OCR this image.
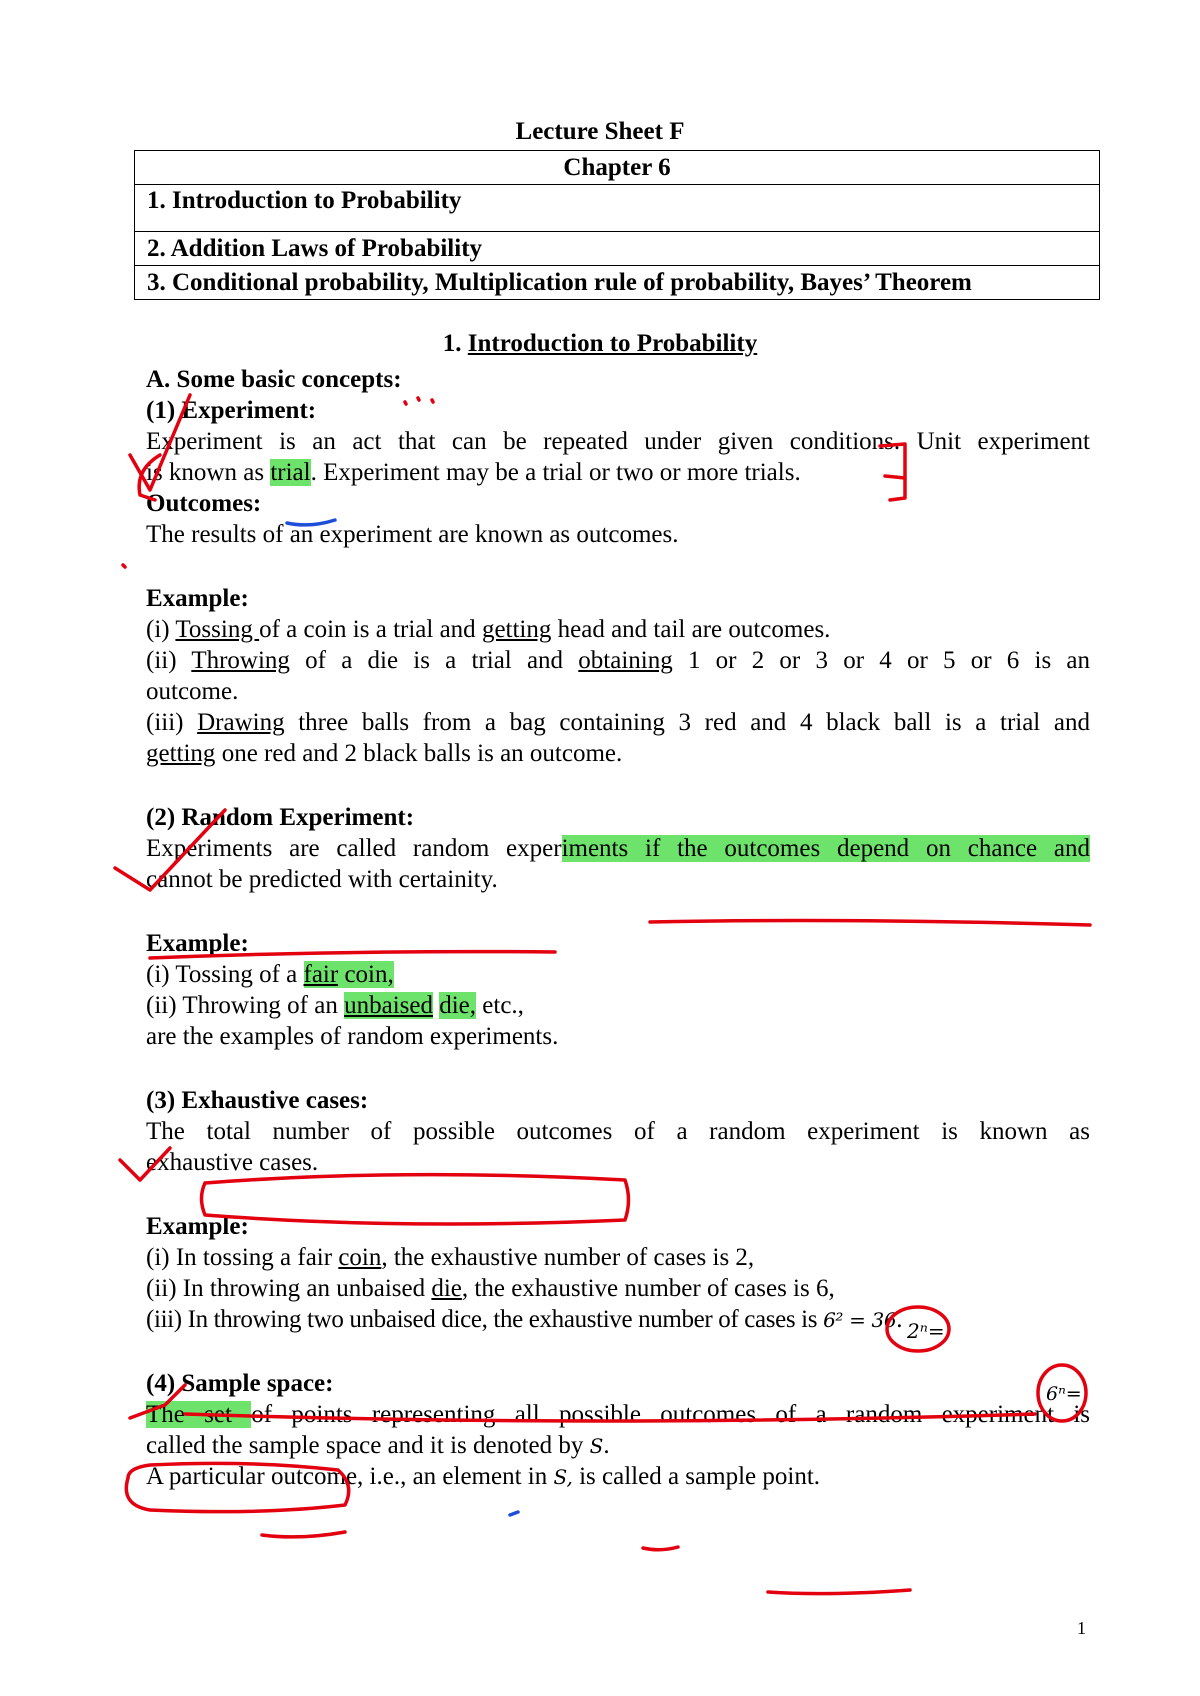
Lecture Sheet F
Chapter 6
1. Introduction to Probability
2. Addition Laws of Probability
3. Conditional probability, Multiplication rule of probability, Bayes’ Theorem
1. Introduction to Probability
A. Some basic concepts:
(1) Experiment:
Experiment is an act that can be repeated under given conditions. Unit experiment
is known as trial. Experiment may be a trial or two or more trials.
Outcomes:
The results of an experiment are known as outcomes.
Example:
(i) Tossing of a coin is a trial and getting head and tail are outcomes.
(ii) Throwing of a die is a trial and obtaining 1 or 2 or 3 or 4 or 5 or 6 is an
outcome.
(iii) Drawing three balls from a bag containing 3 red and 4 black ball is a trial and
getting one red and 2 black balls is an outcome.
(2) Random Experiment:
Experiments are called random experiments if the outcomes depend on chance and
cannot be predicted with certainity.
Example:
(i) Tossing of a fair coin,
(ii) Throwing of an unbaised die, etc.,
are the examples of random experiments.
(3) Exhaustive cases:
The total number of possible outcomes of a random experiment is known as
exhaustive cases.
Example:
(i) In tossing a fair coin, the exhaustive number of cases is 2,
(ii) In throwing an unbaised die, the exhaustive number of cases is 6,
(iii) In throwing two unbaised dice, the exhaustive number of cases is 6² = 36.
(4) Sample space:
The set of points representing all possible outcomes of a random experiment is
called the sample space and it is denoted by S.
A particular outcome, i.e., an element in S, is called a sample point.
2ⁿ=
6ⁿ=
1
